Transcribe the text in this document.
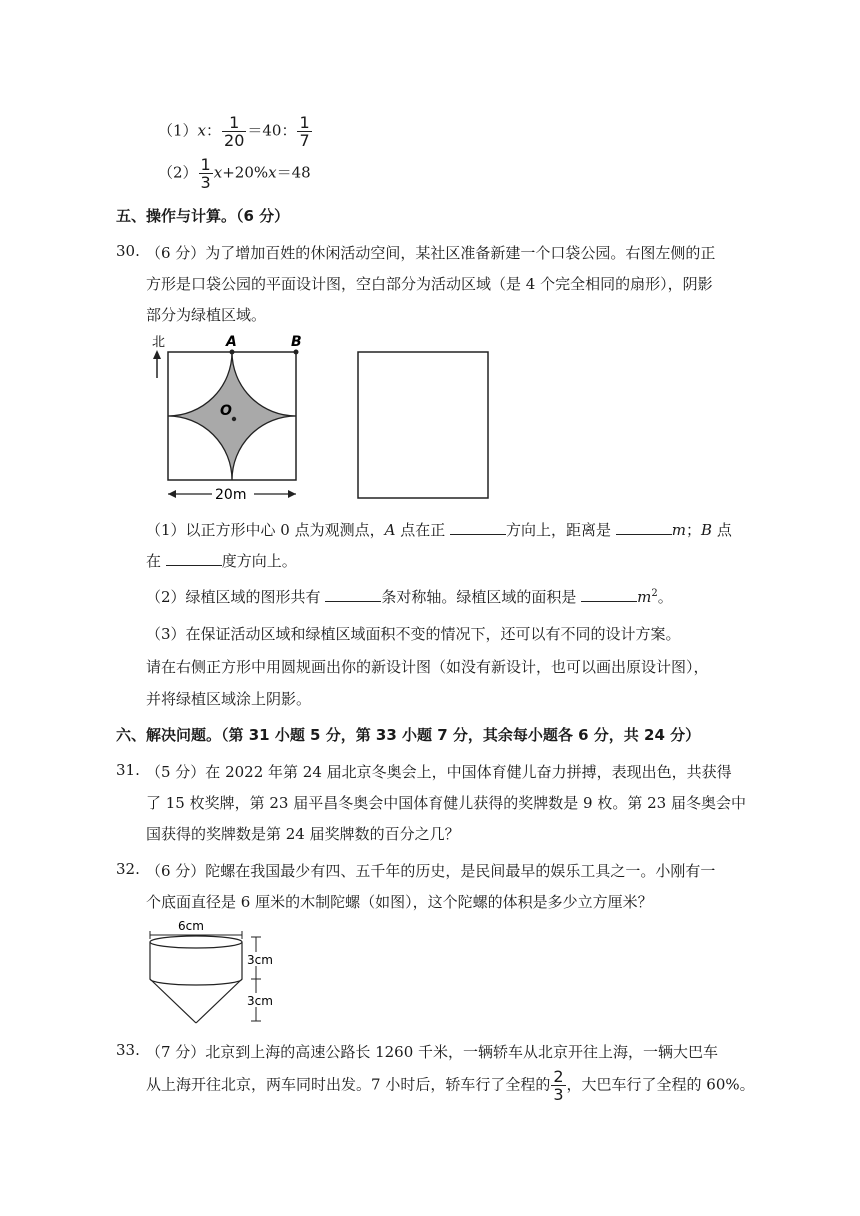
（1）x： $\frac{1}{20} =40$： $\frac{1}{7}$
$(2) \frac{1}{3} x+20\%x=48$
五、操作与计算。（6 分）
30. （6 分）为了增加百姓的休闲活动空间，某社区准备新建一个口袋公园。右图左侧的正
方形是口袋公园的平面设计图，空白部分为活动区域（是 4 个完全相同的扇形），阴影
部分为绿植区域。
北	A	B
O
20m
（1）以正方形中心 0 点为观测点，A 点在正	方向上，距离是	m；B 点
在	度方向上。
（2）绿植区域的图形共有	条对称轴。绿植区域的面积是	$m^2$。
（3）在保证活动区域和绿植区域面积不变的情况下，还可以有不同的设计方案。
请在右侧正方形中用圆规画出你的新设计图（如没有新设计，也可以画出原设计图），
并将绿植区域涂上阴影。
六、解决问题。（第 31 小题 5 分，第 33 小题 7 分，其余每小题各 6 分，共 24 分）
31. （5 分）在 2022 年第 24 届北京冬奥会上，中国体育健儿奋力拼搏，表现出色，共获得
了 15 枚奖牌，第 23 届平昌冬奥会中国体育健儿获得的奖牌数是 9 枚。第 23 届冬奥会中
国获得的奖牌数是第 24 届奖牌数的百分之几？
32. （6 分）陀螺在我国最少有四、五千年的历史，是民间最早的娱乐工具之一。小刚有一
个底面直径是 6 厘米的木制陀螺（如图），这个陀螺的体积是多少立方厘米？
6cm
3cm
3cm
33. （7 分）北京到上海的高速公路长 1260 千米，一辆轿车从北京开往上海，一辆大巴车
从上海开往北京，两车同时出发。7 小时后，轿车行了全程的 $\frac{2}{3}$ ，大巴车行了全程的 60%。
